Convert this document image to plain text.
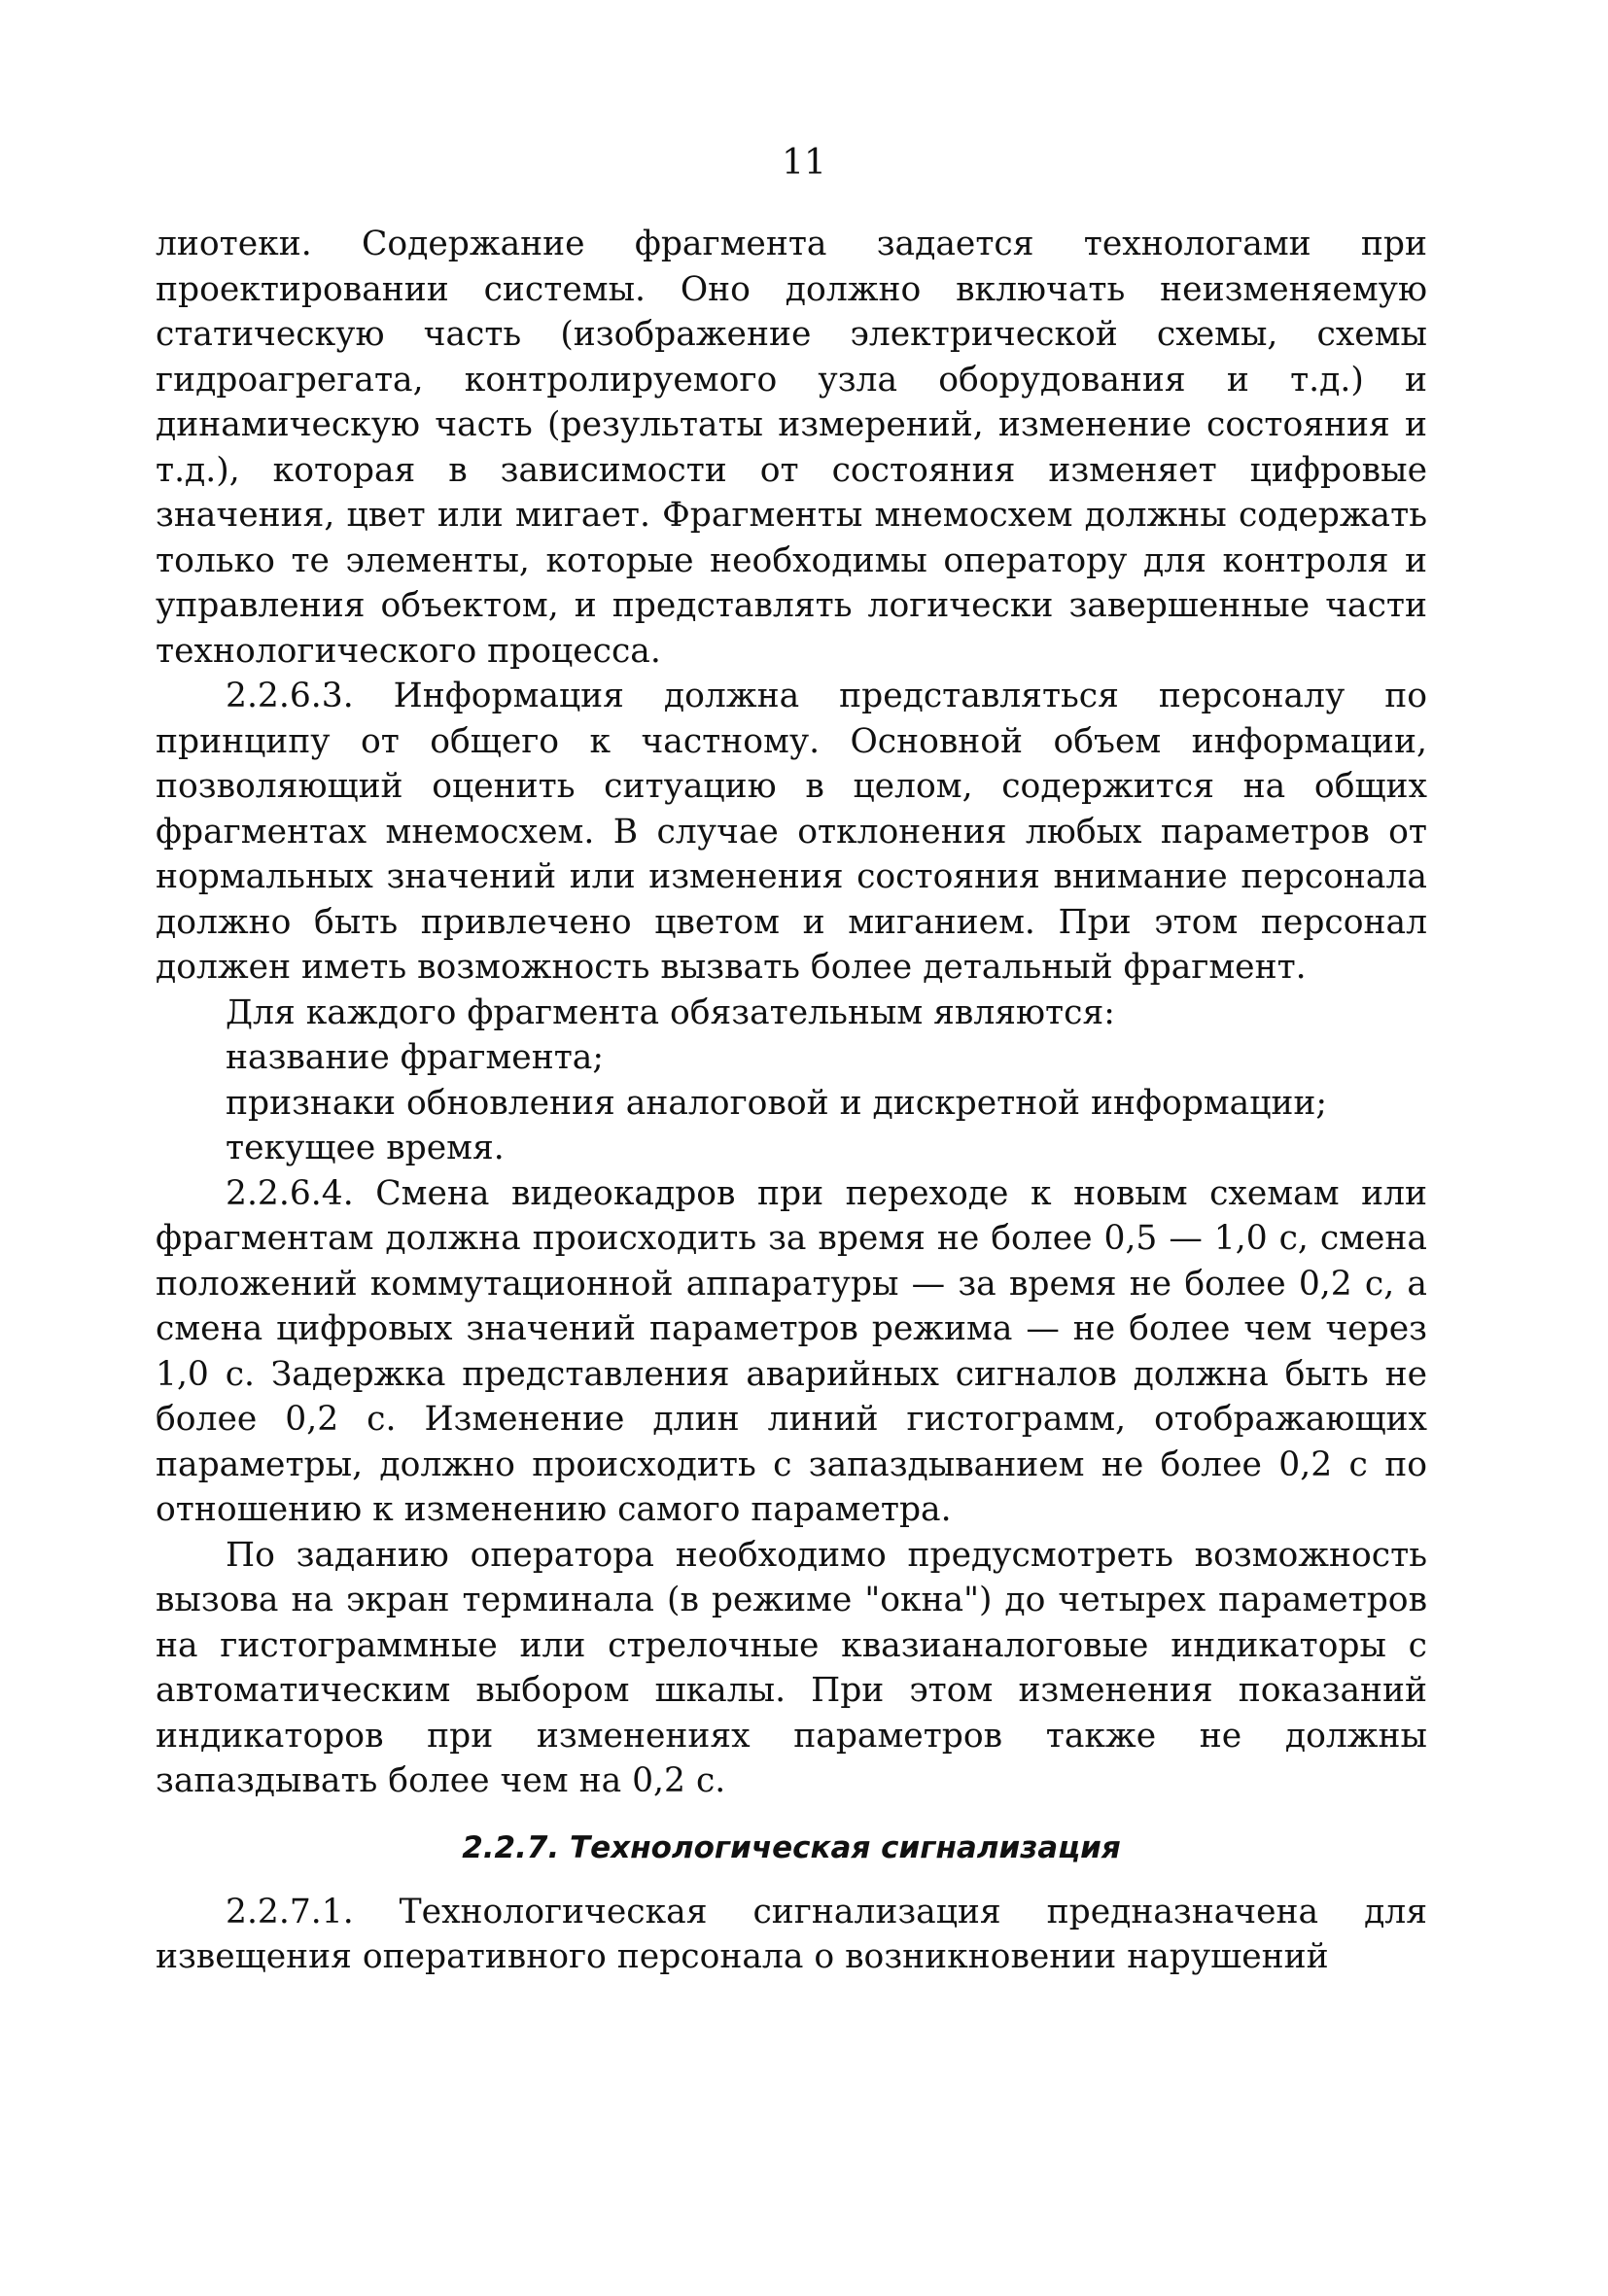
11

лиотеки. Содержание фрагмента задается технологами при проектировании системы. Оно должно включать неизменяемую статическую часть (изображение электрической схемы, схемы гидроагрегата, контролируемого узла оборудования и т.д.) и динамическую часть (результаты измерений, изменение состояния и т.д.), которая в зависимости от состояния изменяет цифровые значения, цвет или мигает. Фрагменты мнемосхем должны содержать только те элементы, которые необходимы оператору для контроля и управления объектом, и представлять логически завершенные части технологического процесса.

2.2.6.3. Информация должна представляться персоналу по принципу от общего к частному. Основной объем информации, позволяющий оценить ситуацию в целом, содержится на общих фрагментах мнемосхем. В случае отклонения любых параметров от нормальных значений или изменения состояния внимание персонала должно быть привлечено цветом и миганием. При этом персонал должен иметь возможность вызвать более детальный фрагмент.

Для каждого фрагмента обязательным являются:

название фрагмента;

признаки обновления аналоговой и дискретной информации;

текущее время.

2.2.6.4. Смена видеокадров при переходе к новым схемам или фрагментам должна происходить за время не более 0,5 — 1,0 с, смена положений коммутационной аппаратуры — за время не более 0,2 с, а смена цифровых значений параметров режима — не более чем через 1,0 с. Задержка представления аварийных сигналов должна быть не более 0,2 с. Изменение длин линий гистограмм, отображающих параметры, должно происходить с запаздыванием не более 0,2 с по отношению к изменению самого параметра.

По заданию оператора необходимо предусмотреть возможность вызова на экран терминала (в режиме "окна") до четырех параметров на гистограммные или стрелочные квазианалоговые индикаторы с автоматическим выбором шкалы. При этом изменения показаний индикаторов при изменениях параметров также не должны запаздывать более чем на 0,2 с.

2.2.7. Технологическая сигнализация

2.2.7.1. Технологическая сигнализация предназначена для извещения оперативного персонала о возникновении нарушений
